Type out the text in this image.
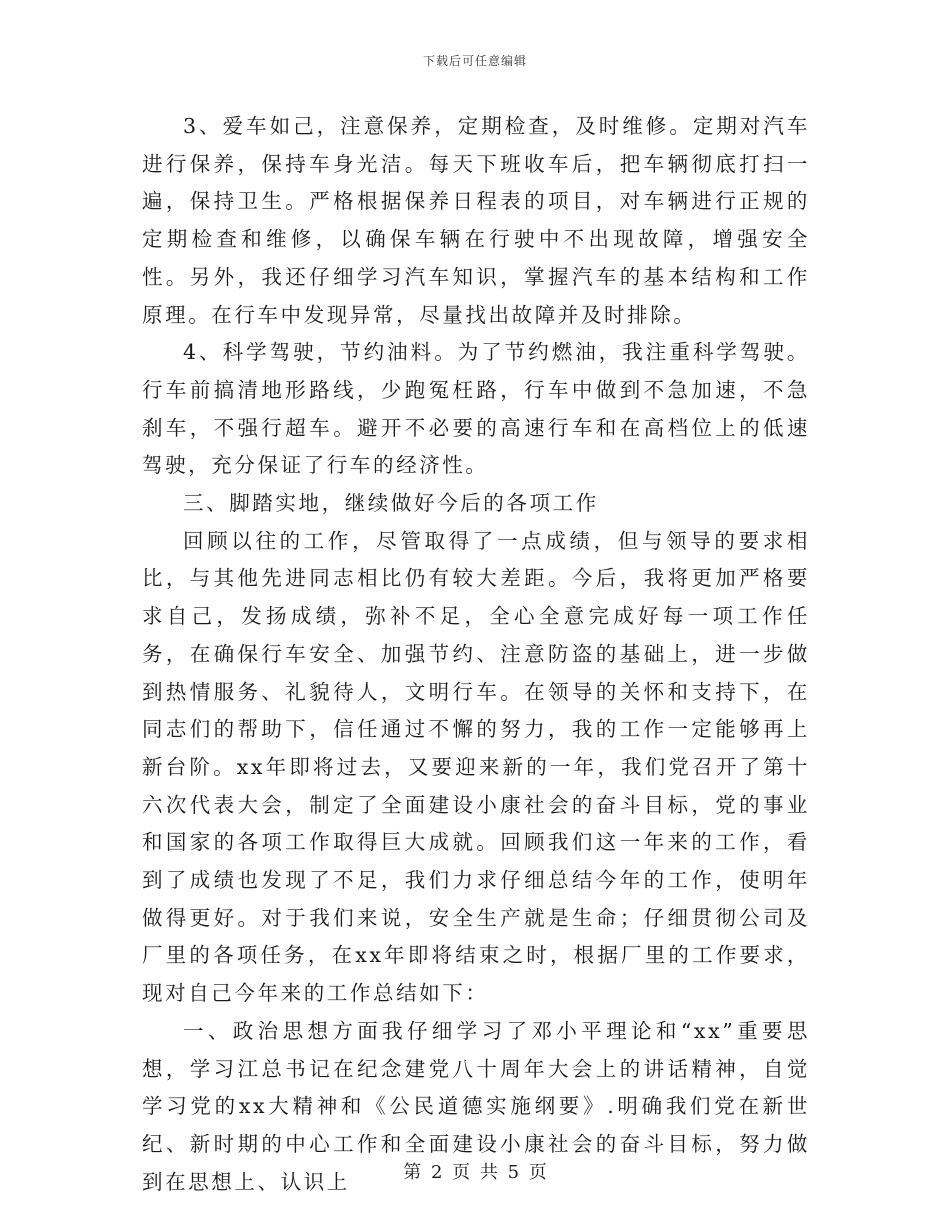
下载后可任意编辑

3、爱车如己，注意保养，定期检查，及时维修。定期对汽车进行保养，保持车身光洁。每天下班收车后，把车辆彻底打扫一遍，保持卫生。严格根据保养日程表的项目，对车辆进行正规的定期检查和维修，以确保车辆在行驶中不出现故障，增强安全性。另外，我还仔细学习汽车知识，掌握汽车的基本结构和工作原理。在行车中发现异常，尽量找出故障并及时排除。

4、科学驾驶，节约油料。为了节约燃油，我注重科学驾驶。行车前搞清地形路线，少跑冤枉路，行车中做到不急加速，不急刹车，不强行超车。避开不必要的高速行车和在高档位上的低速驾驶，充分保证了行车的经济性。

三、脚踏实地，继续做好今后的各项工作

回顾以往的工作，尽管取得了一点成绩，但与领导的要求相比，与其他先进同志相比仍有较大差距。今后，我将更加严格要求自己，发扬成绩，弥补不足，全心全意完成好每一项工作任务，在确保行车安全、加强节约、注意防盗的基础上，进一步做到热情服务、礼貌待人，文明行车。在领导的关怀和支持下，在同志们的帮助下，信任通过不懈的努力，我的工作一定能够再上新台阶。xx年即将过去，又要迎来新的一年，我们党召开了第十六次代表大会，制定了全面建设小康社会的奋斗目标，党的事业和国家的各项工作取得巨大成就。回顾我们这一年来的工作，看到了成绩也发现了不足，我们力求仔细总结今年的工作，使明年做得更好。对于我们来说，安全生产就是生命；仔细贯彻公司及厂里的各项任务，在xx年即将结束之时，根据厂里的工作要求，现对自己今年来的工作总结如下：

一、政治思想方面我仔细学习了邓小平理论和“xx”重要思想，学习江总书记在纪念建党八十周年大会上的讲话精神，自觉学习党的xx大精神和《公民道德实施纲要》.明确我们党在新世纪、新时期的中心工作和全面建设小康社会的奋斗目标，努力做到在思想上、认识上	第 2 页 共 5 页
